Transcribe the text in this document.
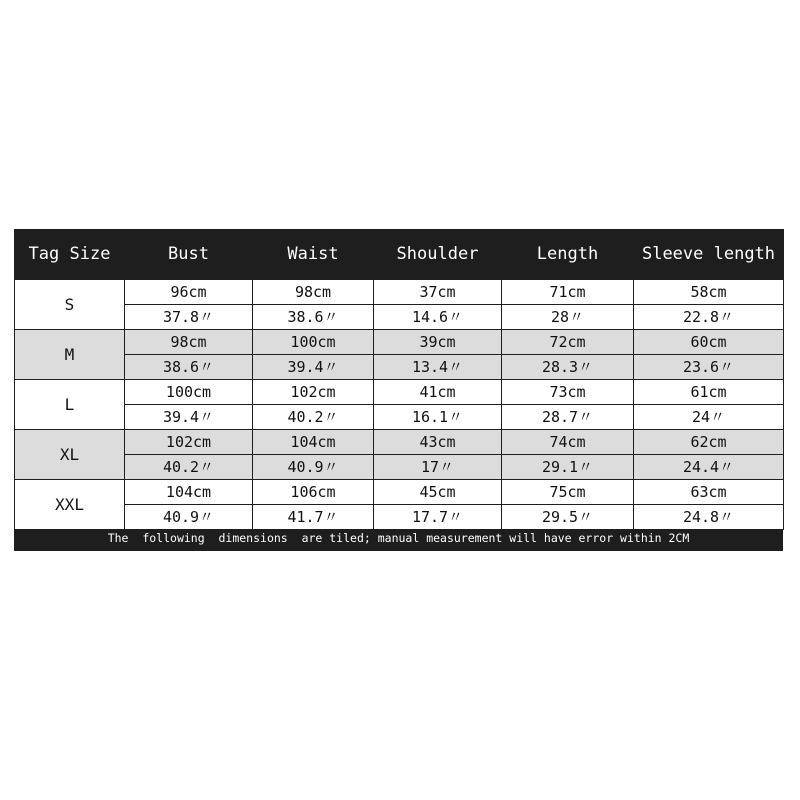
Tag Size	Bust	Waist	Shoulder	Length	Sleeve length
S	96cm	98cm	37cm	71cm	58cm
	37.8〃	38.6〃	14.6〃	28〃	22.8〃
M	98cm	100cm	39cm	72cm	60cm
	38.6〃	39.4〃	13.4〃	28.3〃	23.6〃
L	100cm	102cm	41cm	73cm	61cm
	39.4〃	40.2〃	16.1〃	28.7〃	24〃
XL	102cm	104cm	43cm	74cm	62cm
	40.2〃	40.9〃	17〃	29.1〃	24.4〃
XXL	104cm	106cm	45cm	75cm	63cm
	40.9〃	41.7〃	17.7〃	29.5〃	24.8〃
The  following  dimensions  are tiled; manual measurement will have error within 2CM
